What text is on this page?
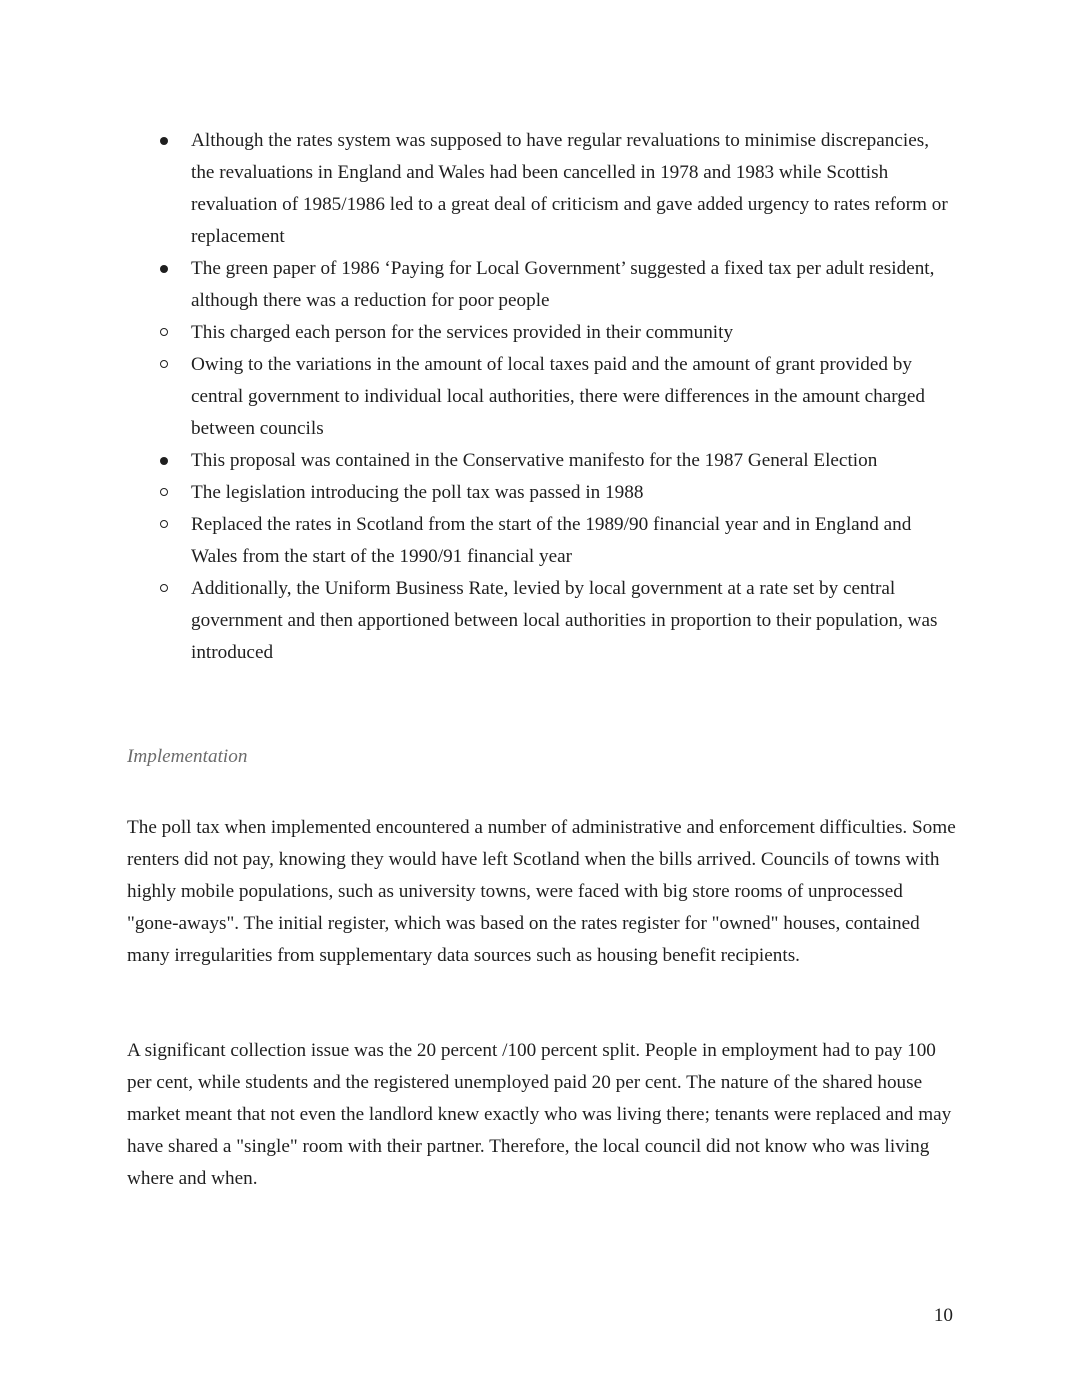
Although the rates system was supposed to have regular revaluations to minimise discrepancies, the revaluations in England and Wales had been cancelled in 1978 and 1983 while Scottish revaluation of 1985/1986 led to a great deal of criticism and gave added urgency to rates reform or replacement
The green paper of 1986 ‘Paying for Local Government’ suggested a fixed tax per adult resident, although there was a reduction for poor people
This charged each person for the services provided in their community
Owing to the variations in the amount of local taxes paid and the amount of grant provided by central government to individual local authorities, there were differences in the amount charged between councils
This proposal was contained in the Conservative manifesto for the 1987 General Election
The legislation introducing the poll tax was passed in 1988
Replaced the rates in Scotland from the start of the 1989/90 financial year and in England and Wales from the start of the 1990/91 financial year
Additionally, the Uniform Business Rate, levied by local government at a rate set by central government and then apportioned between local authorities in proportion to their population, was introduced
Implementation

The poll tax when implemented encountered a number of administrative and enforcement difficulties. Some renters did not pay, knowing they would have left Scotland when the bills arrived. Councils of towns with highly mobile populations, such as university towns, were faced with big store rooms of unprocessed "gone-aways". The initial register, which was based on the rates register for "owned" houses, contained many irregularities from supplementary data sources such as housing benefit recipients.

A significant collection issue was the 20 percent /100 percent split. People in employment had to pay 100 per cent, while students and the registered unemployed paid 20 per cent. The nature of the shared house market meant that not even the landlord knew exactly who was living there; tenants were replaced and may have shared a "single" room with their partner. Therefore, the local council did not know who was living where and when.

10
